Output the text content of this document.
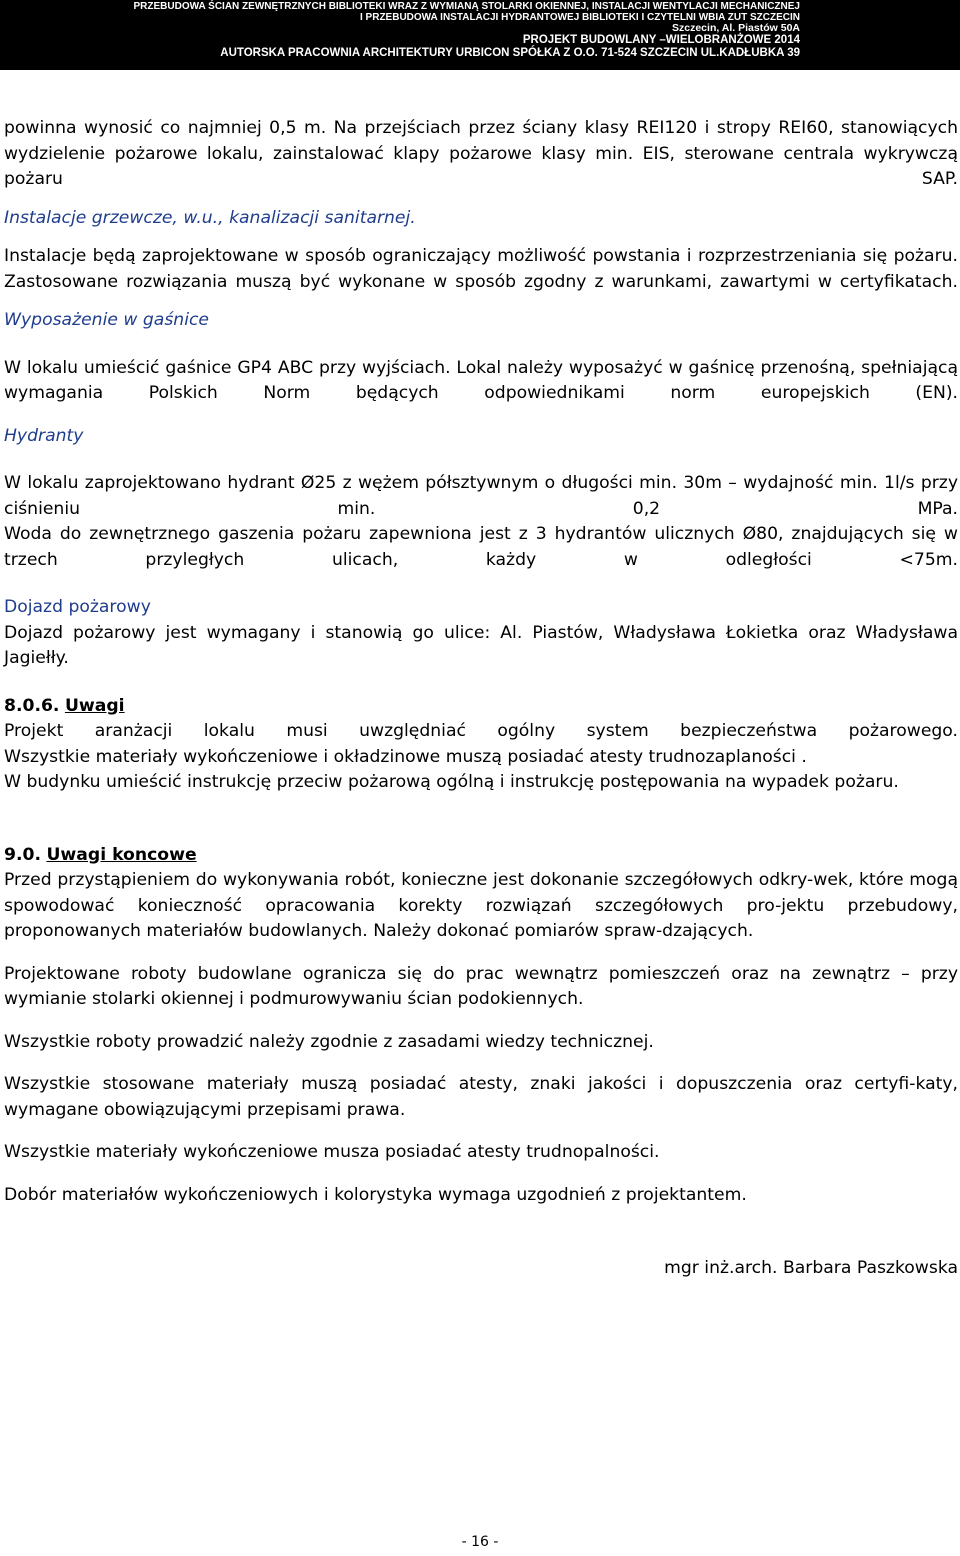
PRZEBUDOWA ŚCIAN ZEWNĘTRZNYCH BIBLIOTEKI WRAZ Z WYMIANĄ STOLARKI OKIENNEJ, INSTALACJI WENTYLACJI MECHANICZNEJ
I PRZEBUDOWA INSTALACJI HYDRANTOWEJ BIBLIOTEKI I CZYTELNI WBIA ZUT SZCZECIN
Szczecin, Al. Piastów 50A
PROJEKT BUDOWLANY –WIELOBRANŻOWE 2014
AUTORSKA PRACOWNIA ARCHITEKTURY URBICON SPÓŁKA Z O.O. 71-524 SZCZECIN UL.KADŁUBKA 39

powinna wynosić co najmniej 0,5 m. Na przejściach przez ściany klasy REI120 i stropy REI60, stanowiących wydzielenie pożarowe lokalu, zainstalować klapy pożarowe klasy min. EIS, sterowane centrala wykrywczą pożaru SAP.

Instalacje grzewcze, w.u., kanalizacji sanitarnej.

Instalacje będą zaprojektowane w sposób ograniczający możliwość powstania i rozprzestrzeniania się pożaru. Zastosowane rozwiązania muszą być wykonane w sposób zgodny z warunkami, zawartymi w certyfikatach.

Wyposażenie w gaśnice

W lokalu umieścić gaśnice GP4 ABC przy wyjściach. Lokal należy wyposażyć w gaśnicę przenośną, spełniającą wymagania Polskich Norm będących odpowiednikami norm europejskich (EN).

Hydranty

W lokalu zaprojektowano hydrant Ø25 z wężem półsztywnym o długości min. 30m – wydajność min. 1l/s przy ciśnieniu min. 0,2 MPa.

Woda do zewnętrznego gaszenia pożaru zapewniona jest z 3 hydrantów ulicznych Ø80, znajdujących się w trzech przyległych ulicach, każdy w odległości <75m.

Dojazd pożarowy

Dojazd pożarowy jest wymagany i stanowią go ulice: Al. Piastów, Władysława Łokietka oraz Władysława Jagiełły.

8.0.6. Uwagi

Projekt aranżacji lokalu musi uwzględniać ogólny system bezpieczeństwa pożarowego.

Wszystkie materiały wykończeniowe i okładzinowe muszą posiadać atesty trudnozaplaności .

W budynku umieścić instrukcję przeciw pożarową ogólną i instrukcję postępowania na wypadek pożaru.

9.0. Uwagi koncowe

Przed przystąpieniem do wykonywania robót, konieczne jest dokonanie szczegółowych odkry-wek, które mogą spowodować konieczność opracowania korekty rozwiązań szczegółowych pro-jektu przebudowy, proponowanych materiałów budowlanych. Należy dokonać pomiarów spraw-dzających.

Projektowane roboty budowlane ogranicza się do prac wewnątrz pomieszczeń oraz na zewnątrz – przy wymianie stolarki okiennej i podmurowywaniu ścian podokiennych.

Wszystkie roboty prowadzić należy zgodnie z zasadami wiedzy technicznej.

Wszystkie stosowane materiały muszą posiadać atesty, znaki jakości i dopuszczenia oraz certyfi-katy, wymagane obowiązującymi przepisami prawa.

Wszystkie materiały wykończeniowe musza posiadać atesty trudnopalności.

Dobór materiałów wykończeniowych i kolorystyka wymaga uzgodnień z projektantem.

mgr inż.arch. Barbara Paszkowska

- 16 -
